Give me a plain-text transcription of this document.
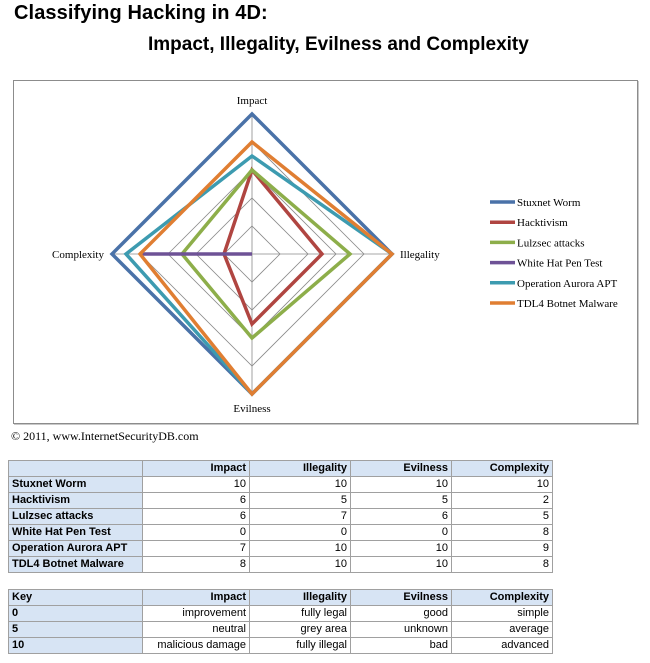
Classifying Hacking in 4D:
Impact, Illegality, Evilness and Complexity
Impact
Illegality
Evilness
Complexity
Stuxnet Worm
Hacktivism
Lulzsec attacks
White Hat Pen Test
Operation Aurora APT
TDL4 Botnet Malware
© 2011, www.InternetSecurityDB.com
	Impact	Illegality	Evilness	Complexity
Stuxnet Worm	10	10	10	10
Hacktivism	6	5	5	2
Lulzsec attacks	6	7	6	5
White Hat Pen Test	0	0	0	8
Operation Aurora APT	7	10	10	9
TDL4 Botnet Malware	8	10	10	8
Key	Impact	Illegality	Evilness	Complexity
0	improvement	fully legal	good	simple
5	neutral	grey area	unknown	average
10	malicious damage	fully illegal	bad	advanced
